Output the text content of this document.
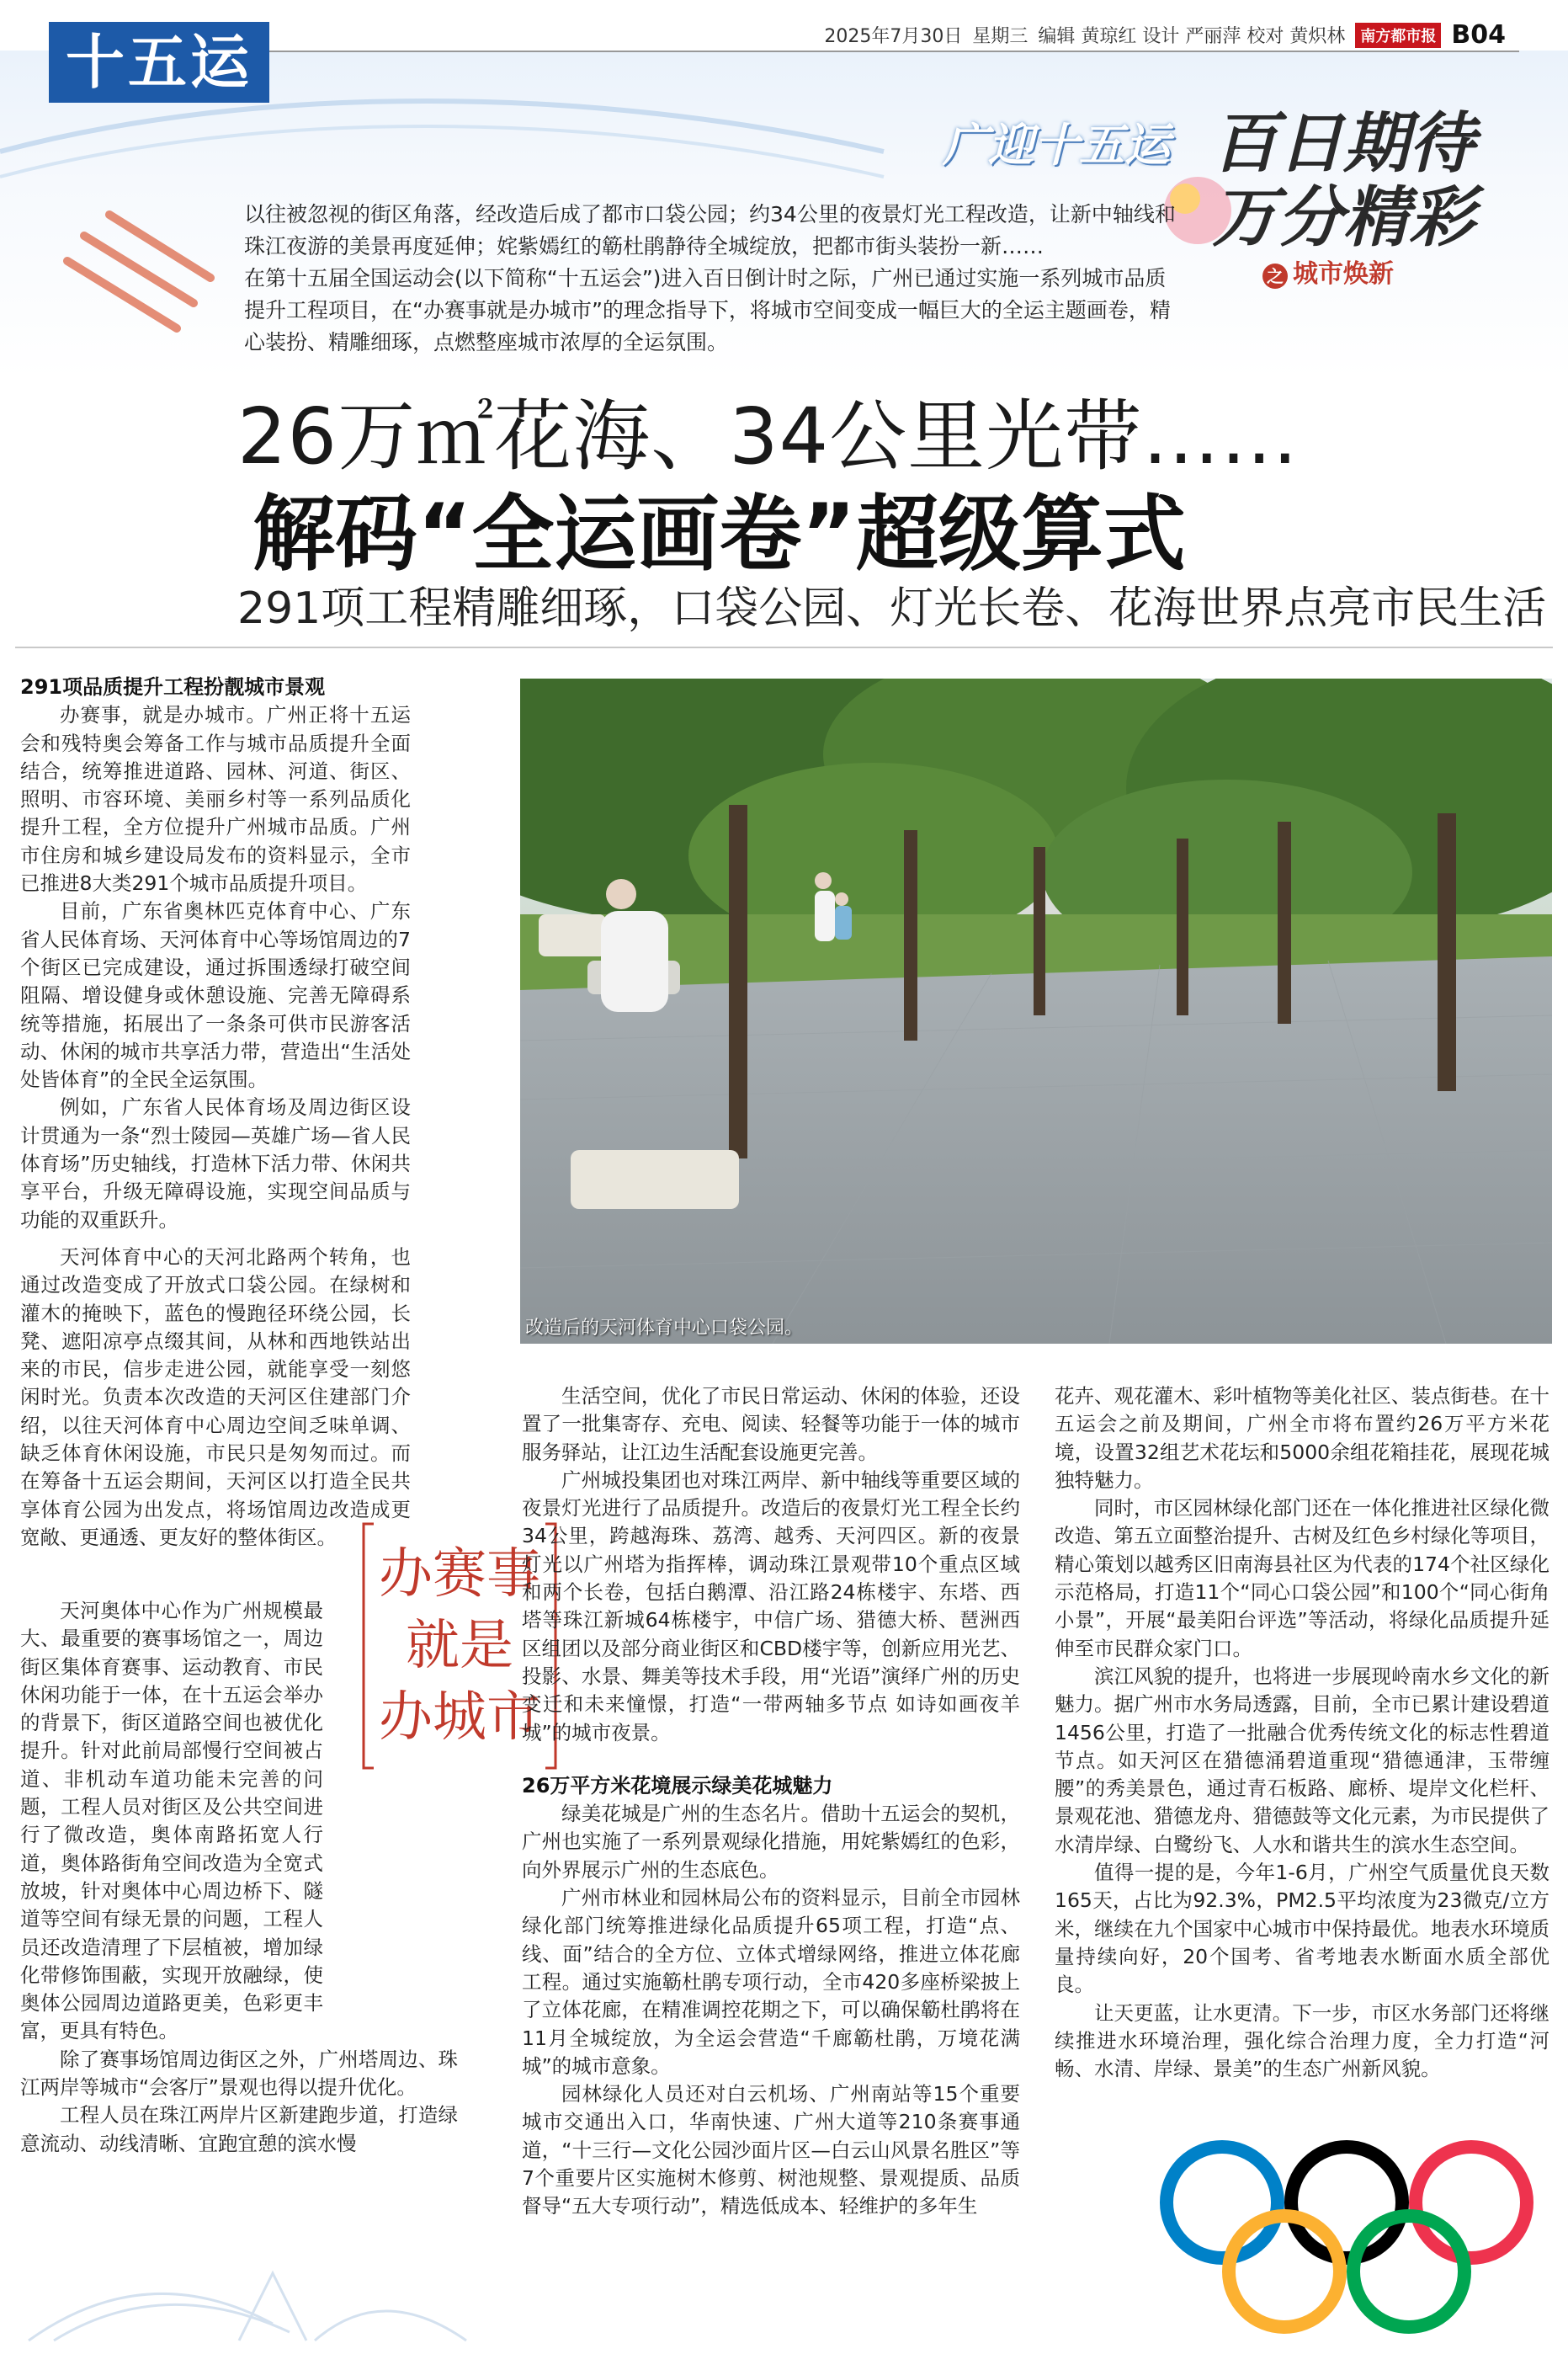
十五运	2025年7月30日 星期三 编辑 黄琼红 设计 严丽萍 校对 黄炽林	南方都市报 B04
广迎十五运 百日期待
万分精彩
之 城市焕新

以往被忽视的街区角落，经改造后成了都市口袋公园；约34公里的夜景灯光工程改造，让新中轴线和珠江夜游的美景再度延伸；姹紫嫣红的簕杜鹃静待全城绽放，把都市街头装扮一新……

在第十五届全国运动会(以下简称“十五运会”)进入百日倒计时之际，广州已通过实施一系列城市品质提升工程项目，在“办赛事就是办城市”的理念指导下，将城市空间变成一幅巨大的全运主题画卷，精心装扮、精雕细琢，点燃整座城市浓厚的全运氛围。

26万㎡花海、34公里光带……
解码“全运画卷”超级算式
291项工程精雕细琢，口袋公园、灯光长卷、花海世界点亮市民生活
改造后的天河体育中心口袋公园。
291项品质提升工程扮靓城市景观

办赛事，就是办城市。广州正将十五运会和残特奥会筹备工作与城市品质提升全面结合，统筹推进道路、园林、河道、街区、照明、市容环境、美丽乡村等一系列品质化提升工程，全方位提升广州城市品质。广州市住房和城乡建设局发布的资料显示，全市已推进8大类291个城市品质提升项目。

目前，广东省奥林匹克体育中心、广东省人民体育场、天河体育中心等场馆周边的7个街区已完成建设，通过拆围透绿打破空间阻隔、增设健身或休憩设施、完善无障碍系统等措施，拓展出了一条条可供市民游客活动、休闲的城市共享活力带，营造出“生活处处皆体育”的全民全运氛围。

例如，广东省人民体育场及周边街区设计贯通为一条“烈士陵园—英雄广场—省人民体育场”历史轴线，打造林下活力带、休闲共享平台，升级无障碍设施，实现空间品质与功能的双重跃升。

天河体育中心的天河北路两个转角，也通过改造变成了开放式口袋公园。在绿树和灌木的掩映下，蓝色的慢跑径环绕公园，长凳、遮阳凉亭点缀其间，从林和西地铁站出来的市民，信步走进公园，就能享受一刻悠闲时光。负责本次改造的天河区住建部门介绍，以往天河体育中心周边空间乏味单调、缺乏体育休闲设施，市民只是匆匆而过。而在筹备十五运会期间，天河区以打造全民共享体育公园为出发点，将场馆周边改造成更宽敞、更通透、更友好的整体街区。

天河奥体中心作为广州规模最大、最重要的赛事场馆之一，周边街区集体育赛事、运动教育、市民休闲功能于一体，在十五运会举办的背景下，街区道路空间也被优化提升。针对此前局部慢行空间被占道、非机动车道功能未完善的问题，工程人员对街区及公共空间进行了微改造，奥体南路拓宽人行道，奥体路街角空间改造为全宽式放坡，针对奥体中心周边桥下、隧道等空间有绿无景的问题，工程人员还改造清理了下层植被，增加绿化带修饰围蔽，实现开放融绿，使奥体公园周边道路更美，色彩更丰富，更具有特色。

除了赛事场馆周边街区之外，广州塔周边、珠江两岸等城市“会客厅”景观也得以提升优化。

工程人员在珠江两岸片区新建跑步道，打造绿意流动、动线清晰、宜跑宜憩的滨水慢

办赛事
就是
办城市

生活空间，优化了市民日常运动、休闲的体验，还设置了一批集寄存、充电、阅读、轻餐等功能于一体的城市服务驿站，让江边生活配套设施更完善。

广州城投集团也对珠江两岸、新中轴线等重要区域的夜景灯光进行了品质提升。改造后的夜景灯光工程全长约34公里，跨越海珠、荔湾、越秀、天河四区。新的夜景灯光以广州塔为指挥棒，调动珠江景观带10个重点区域和两个长卷，包括白鹅潭、沿江路24栋楼宇、东塔、西塔等珠江新城64栋楼宇，中信广场、猎德大桥、琶洲西区组团以及部分商业街区和CBD楼宇等，创新应用光艺、投影、水景、舞美等技术手段，用“光语”演绎广州的历史变迁和未来憧憬，打造“一带两轴多节点 如诗如画夜羊城”的城市夜景。

26万平方米花境展示绿美花城魅力

绿美花城是广州的生态名片。借助十五运会的契机，广州也实施了一系列景观绿化措施，用姹紫嫣红的色彩，向外界展示广州的生态底色。

广州市林业和园林局公布的资料显示，目前全市园林绿化部门统筹推进绿化品质提升65项工程，打造“点、线、面”结合的全方位、立体式增绿网络，推进立体花廊工程。通过实施簕杜鹃专项行动，全市420多座桥梁披上了立体花廊，在精准调控花期之下，可以确保簕杜鹃将在11月全城绽放，为全运会营造“千廊簕杜鹃，万境花满城”的城市意象。

园林绿化人员还对白云机场、广州南站等15个重要城市交通出入口，华南快速、广州大道等210条赛事通道，“十三行—文化公园沙面片区—白云山风景名胜区”等7个重要片区实施树木修剪、树池规整、景观提质、品质督导“五大专项行动”，精选低成本、轻维护的多年生

花卉、观花灌木、彩叶植物等美化社区、装点街巷。在十五运会之前及期间，广州全市将布置约26万平方米花境，设置32组艺术花坛和5000余组花箱挂花，展现花城独特魅力。

同时，市区园林绿化部门还在一体化推进社区绿化微改造、第五立面整治提升、古树及红色乡村绿化等项目，精心策划以越秀区旧南海县社区为代表的174个社区绿化示范格局，打造11个“同心口袋公园”和100个“同心街角小景”，开展“最美阳台评选”等活动，将绿化品质提升延伸至市民群众家门口。

滨江风貌的提升，也将进一步展现岭南水乡文化的新魅力。据广州市水务局透露，目前，全市已累计建设碧道1456公里，打造了一批融合优秀传统文化的标志性碧道节点。如天河区在猎德涌碧道重现“猎德通津，玉带缠腰”的秀美景色，通过青石板路、廊桥、堤岸文化栏杆、景观花池、猎德龙舟、猎德鼓等文化元素，为市民提供了水清岸绿、白鹭纷飞、人水和谐共生的滨水生态空间。

值得一提的是，今年1-6月，广州空气质量优良天数165天，占比为92.3%，PM2.5平均浓度为23微克/立方米，继续在九个国家中心城市中保持最优。地表水环境质量持续向好，20个国考、省考地表水断面水质全部优良。

让天更蓝，让水更清。下一步，市区水务部门还将继续推进水环境治理，强化综合治理力度，全力打造“河畅、水清、岸绿、景美”的生态广州新风貌。
